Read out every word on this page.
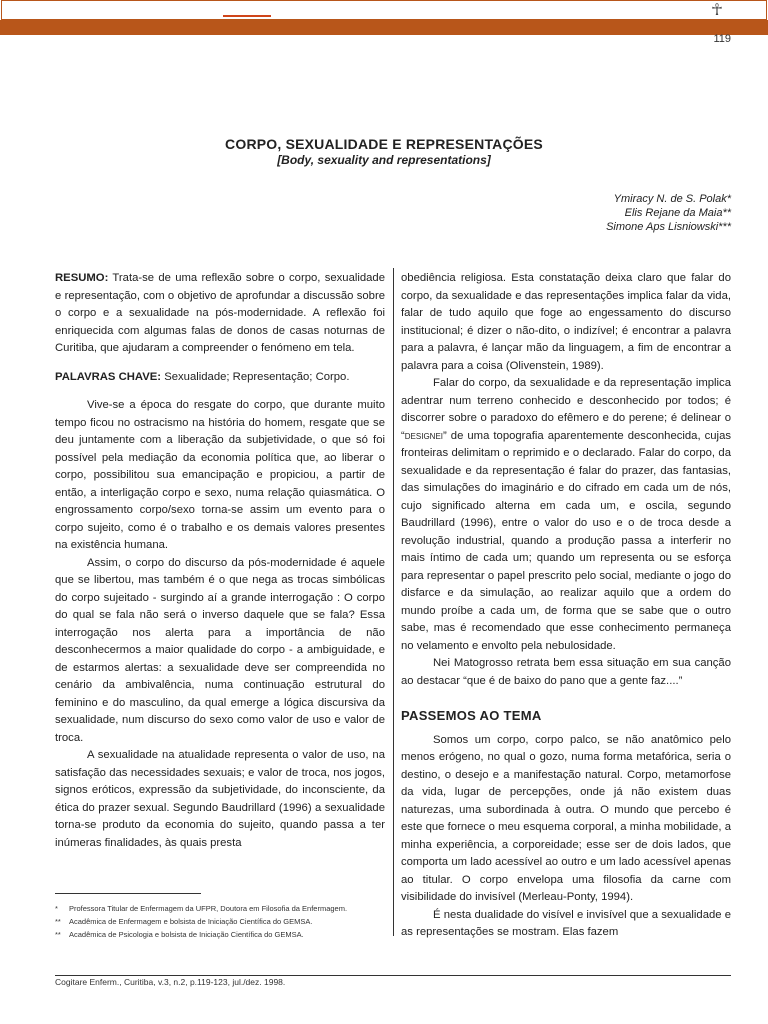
☥
119
CORPO, SEXUALIDADE E REPRESENTAÇÕES
[Body, sexuality and representations]
Ymiracy N. de S. Polak*
Elis Rejane da Maia**
Simone Aps Lisniowski***

RESUMO: Trata-se de uma reflexão sobre o corpo, sexualidade e representação, com o objetivo de aprofundar a discussão sobre o corpo e a sexualidade na pós-modernidade. A reflexão foi enriquecida com algumas falas de donos de casas noturnas de Curitiba, que ajudaram a compreender o fenómeno em tela.

PALAVRAS CHAVE: Sexualidade; Representação; Corpo.

Vive-se a época do resgate do corpo, que durante muito tempo ficou no ostracismo na história do homem, resgate que se deu juntamente com a liberação da subjetividade, o que só foi possível pela mediação da economia política que, ao liberar o corpo, possibilitou sua emancipação e propiciou, a partir de então, a interligação corpo e sexo, numa relação quiasmática. O engrossamento corpo/sexo torna-se assim um evento para o corpo sujeito, como é o trabalho e os demais valores presentes na existência humana.

Assim, o corpo do discurso da pós-modernidade é aquele que se libertou, mas também é o que nega as trocas simbólicas do corpo sujeitado - surgindo aí a grande interrogação : O corpo do qual se fala não será o inverso daquele que se fala? Essa interrogação nos alerta para a importância de não desconhecermos a maior qualidade do corpo - a ambiguidade, e de estarmos alertas: a sexualidade deve ser compreendida no cenário da ambivalência, numa continuação estrutural do feminino e do masculino, da qual emerge a lógica discursiva da sexualidade, num discurso do sexo como valor de uso e valor de troca.

A sexualidade na atualidade representa o valor de uso, na satisfação das necessidades sexuais; e valor de troca, nos jogos, signos eróticos, expressão da subjetividade, do inconsciente, da ética do prazer sexual. Segundo Baudrillard (1996) a sexualidade torna-se produto da economia do sujeito, quando passa a ter inúmeras finalidades, às quais presta

obediência religiosa. Esta constatação deixa claro que falar do corpo, da sexualidade e das representações implica falar da vida, falar de tudo aquilo que foge ao engessamento do discurso institucional; é dizer o não-dito, o indizível; é encontrar a palavra para a palavra, é lançar mão da linguagem, a fim de encontrar a palavra para a coisa (Olivenstein, 1989).

Falar do corpo, da sexualidade e da representação implica adentrar num terreno conhecido e desconhecido por todos; é discorrer sobre o paradoxo do efêmero e do perene; é delinear o “DESIGNEI” de uma topografia aparentemente desconhecida, cujas fronteiras delimitam o reprimido e o declarado. Falar do corpo, da sexualidade e da representação é falar do prazer, das fantasias, das simulações do imaginário e do cifrado em cada um de nós, cujo significado alterna em cada um, e oscila, segundo Baudrillard (1996), entre o valor do uso e o de troca desde a revolução industrial, quando a produção passa a interferir no mais íntimo de cada um; quando um representa ou se esforça para representar o papel prescrito pelo social, mediante o jogo do disfarce e da simulação, ao realizar aquilo que a ordem do mundo proíbe a cada um, de forma que se sabe que o outro sabe, mas é recomendado que esse conhecimento permaneça no velamento e envolto pela nebulosidade.

Nei Matogrosso retrata bem essa situação em sua canção ao destacar “que é de baixo do pano que a gente faz....”

PASSEMOS AO TEMA

Somos um corpo, corpo palco, se não anatômico pelo menos erógeno, no qual o gozo, numa forma metafórica, seria o destino, o desejo e a manifestação natural. Corpo, metamorfose da vida, lugar de percepções, onde já não existem duas naturezas, uma subordinada à outra. O mundo que percebo é este que fornece o meu esquema corporal, a minha mobilidade, a minha experiência, a corporeidade; esse ser de dois lados, que comporta um lado acessível ao outro e um lado acessível apenas ao titular. O corpo envelopa uma filosofia da carne com visibilidade do invisível (Merleau-Ponty, 1994).

É nesta dualidade do visível e invisível que a sexualidade e as representações se mostram. Elas fazem

*	Professora Titular de Enfermagem da UFPR, Doutora em Filosofia da Enfermagem.
**	Acadêmica de Enfermagem e bolsista de Iniciação Científica do GEMSA.
**	Acadêmica de Psicologia e bolsista de Iniciação Científica do GEMSA.
Cogitare Enferm., Curitiba, v.3, n.2, p.119-123, jul./dez. 1998.
